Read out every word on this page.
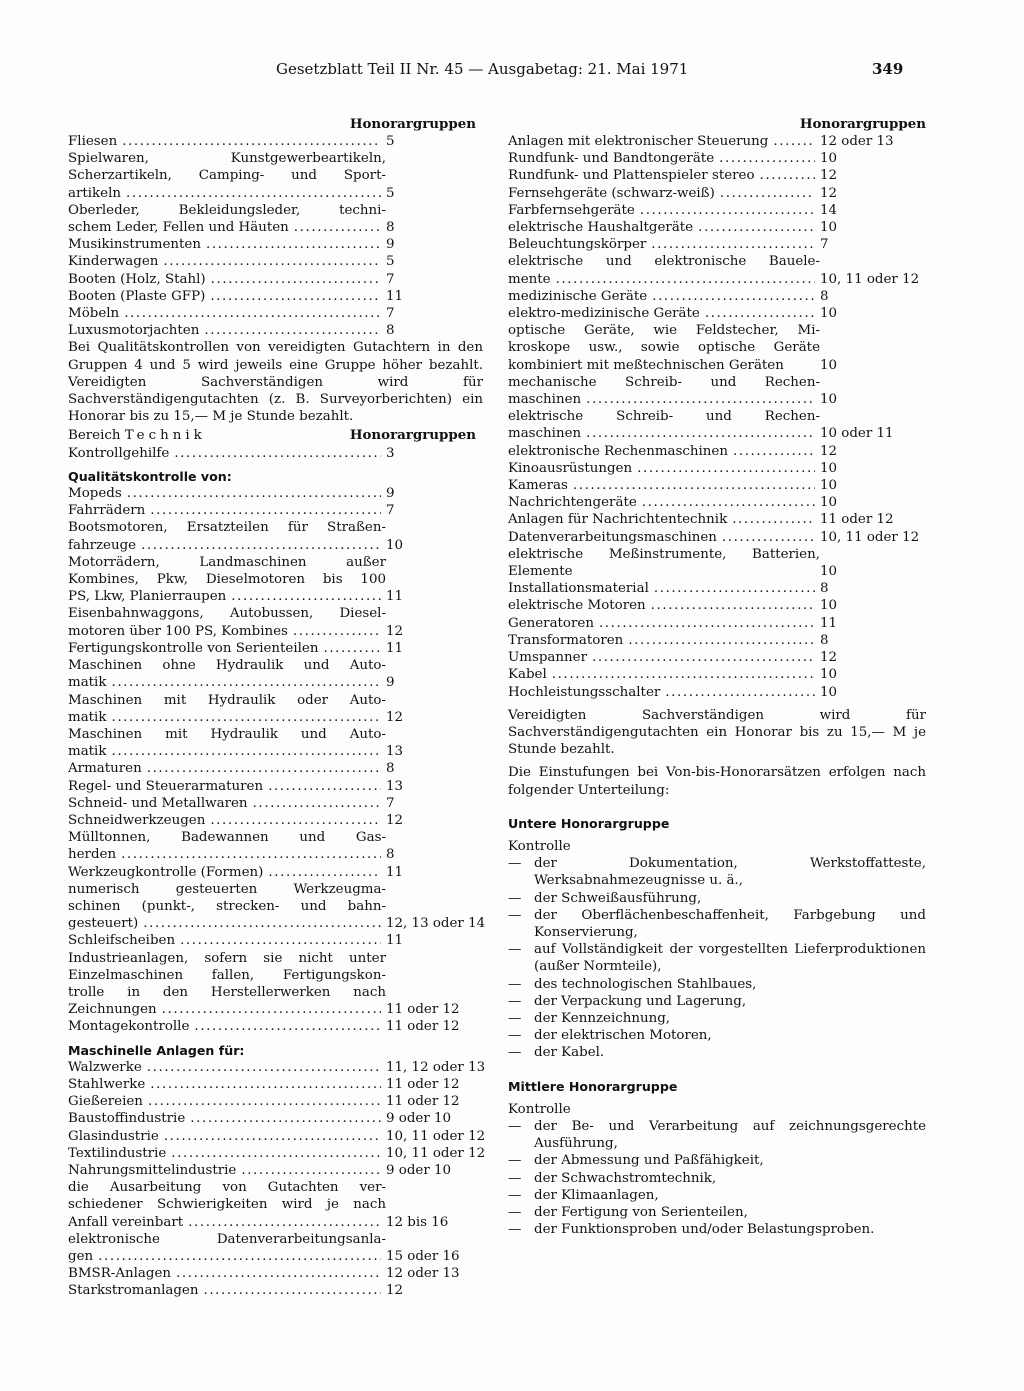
Gesetzblatt Teil II Nr. 45 — Ausgabetag: 21. Mai 1971	349
Honorargruppen
Fliesen .....	5
Spielwaren, Kunstgewerbeartikeln,
Scherzartikeln, Camping- und Sport-
artikeln .....	5
Oberleder, Bekleidungsleder, techni-
schem Leder, Fellen und Häuten .....	8
Musikinstrumenten .....	9
Kinderwagen .....	5
Booten (Holz, Stahl) .....	7
Booten (Plaste GFP) .....	11
Möbeln .....	7
Luxusmotorjachten .....	8
Bei Qualitätskontrollen von vereidigten Gutachtern in den Gruppen 4 und 5 wird jeweils eine Gruppe höher bezahlt. Vereidigten Sachverständigen wird für Sachverständigengutachten (z. B. Surveyorberichten) ein Honorar bis zu 15,— M je Stunde bezahlt.
Bereich Technik	Honorargruppen
Kontrollgehilfe .....	3
Qualitätskontrolle von:
Mopeds .....	9
Fahrrädern .....	7
Bootsmotoren, Ersatzteilen für Straßen-
fahrzeuge .....	10
Motorrädern, Landmaschinen außer
Kombines, Pkw, Dieselmotoren bis 100
PS, Lkw, Planierraupen .....	11
Eisenbahnwaggons, Autobussen, Diesel-
motoren über 100 PS, Kombines .....	12
Fertigungskontrolle von Serienteilen .....	11
Maschinen ohne Hydraulik und Auto-
matik .....	9
Maschinen mit Hydraulik oder Auto-
matik .....	12
Maschinen mit Hydraulik und Auto-
matik .....	13
Armaturen .....	8
Regel- und Steuerarmaturen .....	13
Schneid- und Metallwaren .....	7
Schneidwerkzeugen .....	12
Mülltonnen, Badewannen und Gas-
herden .....	8
Werkzeugkontrolle (Formen) .....	11
numerisch gesteuerten Werkzeugma-
schinen (punkt-, strecken- und bahn-
gesteuert) .....	12, 13 oder 14
Schleifscheiben .....	11
Industrieanlagen, sofern sie nicht unter
Einzelmaschinen fallen, Fertigungskon-
trolle in den Herstellerwerken nach
Zeichnungen .....	11 oder 12
Montagekontrolle .....	11 oder 12
Maschinelle Anlagen für:
Walzwerke .....	11, 12 oder 13
Stahlwerke .....	11 oder 12
Gießereien .....	11 oder 12
Baustoffindustrie .....	9 oder 10
Glasindustrie .....	10, 11 oder 12
Textilindustrie .....	10, 11 oder 12
Nahrungsmittelindustrie .....	9 oder 10
die Ausarbeitung von Gutachten ver-
schiedener Schwierigkeiten wird je nach
Anfall vereinbart .....	12 bis 16
elektronische Datenverarbeitungsanla-
gen .....	15 oder 16
BMSR-Anlagen .....	12 oder 13
Starkstromanlagen .....	12
Honorargruppen
Anlagen mit elektronischer Steuerung .....	12 oder 13
Rundfunk- und Bandtongeräte .....	10
Rundfunk- und Plattenspieler stereo .....	12
Fernsehgeräte (schwarz-weiß) .....	12
Farbfernsehgeräte .....	14
elektrische Haushaltgeräte .....	10
Beleuchtungskörper .....	7
elektrische und elektronische Bauele-
mente .....	10, 11 oder 12
medizinische Geräte .....	8
elektro-medizinische Geräte .....	10
optische Geräte, wie Feldstecher, Mi-
kroskope usw., sowie optische Geräte
kombiniert mit meßtechnischen Geräten	10
mechanische Schreib- und Rechen-
maschinen .....	10
elektrische Schreib- und Rechen-
maschinen .....	10 oder 11
elektronische Rechenmaschinen .....	12
Kinoausrüstungen .....	10
Kameras .....	10
Nachrichtengeräte .....	10
Anlagen für Nachrichtentechnik .....	11 oder 12
Datenverarbeitungsmaschinen .....	10, 11 oder 12
elektrische Meßinstrumente, Batterien,
Elemente	10
Installationsmaterial .....	8
elektrische Motoren .....	10
Generatoren .....	11
Transformatoren .....	8
Umspanner .....	12
Kabel .....	10
Hochleistungsschalter .....	10
Vereidigten Sachverständigen wird für Sachverständigengutachten ein Honorar bis zu 15,— M je Stunde bezahlt.
Die Einstufungen bei Von-bis-Honorarsätzen erfolgen nach folgender Unterteilung:
Untere Honorargruppe
Kontrolle
— der Dokumentation, Werkstoffatteste, Werksabnahmezeugnisse u. ä.,
— der Schweißausführung,
— der Oberflächenbeschaffenheit, Farbgebung und Konservierung,
— auf Vollständigkeit der vorgestellten Lieferproduktionen (außer Normteile),
— des technologischen Stahlbaues,
— der Verpackung und Lagerung,
— der Kennzeichnung,
— der elektrischen Motoren,
— der Kabel.
Mittlere Honorargruppe
Kontrolle
— der Be- und Verarbeitung auf zeichnungsgerechte Ausführung,
— der Abmessung und Paßfähigkeit,
— der Schwachstromtechnik,
— der Klimaanlagen,
— der Fertigung von Serienteilen,
— der Funktionsproben und/oder Belastungsproben.
